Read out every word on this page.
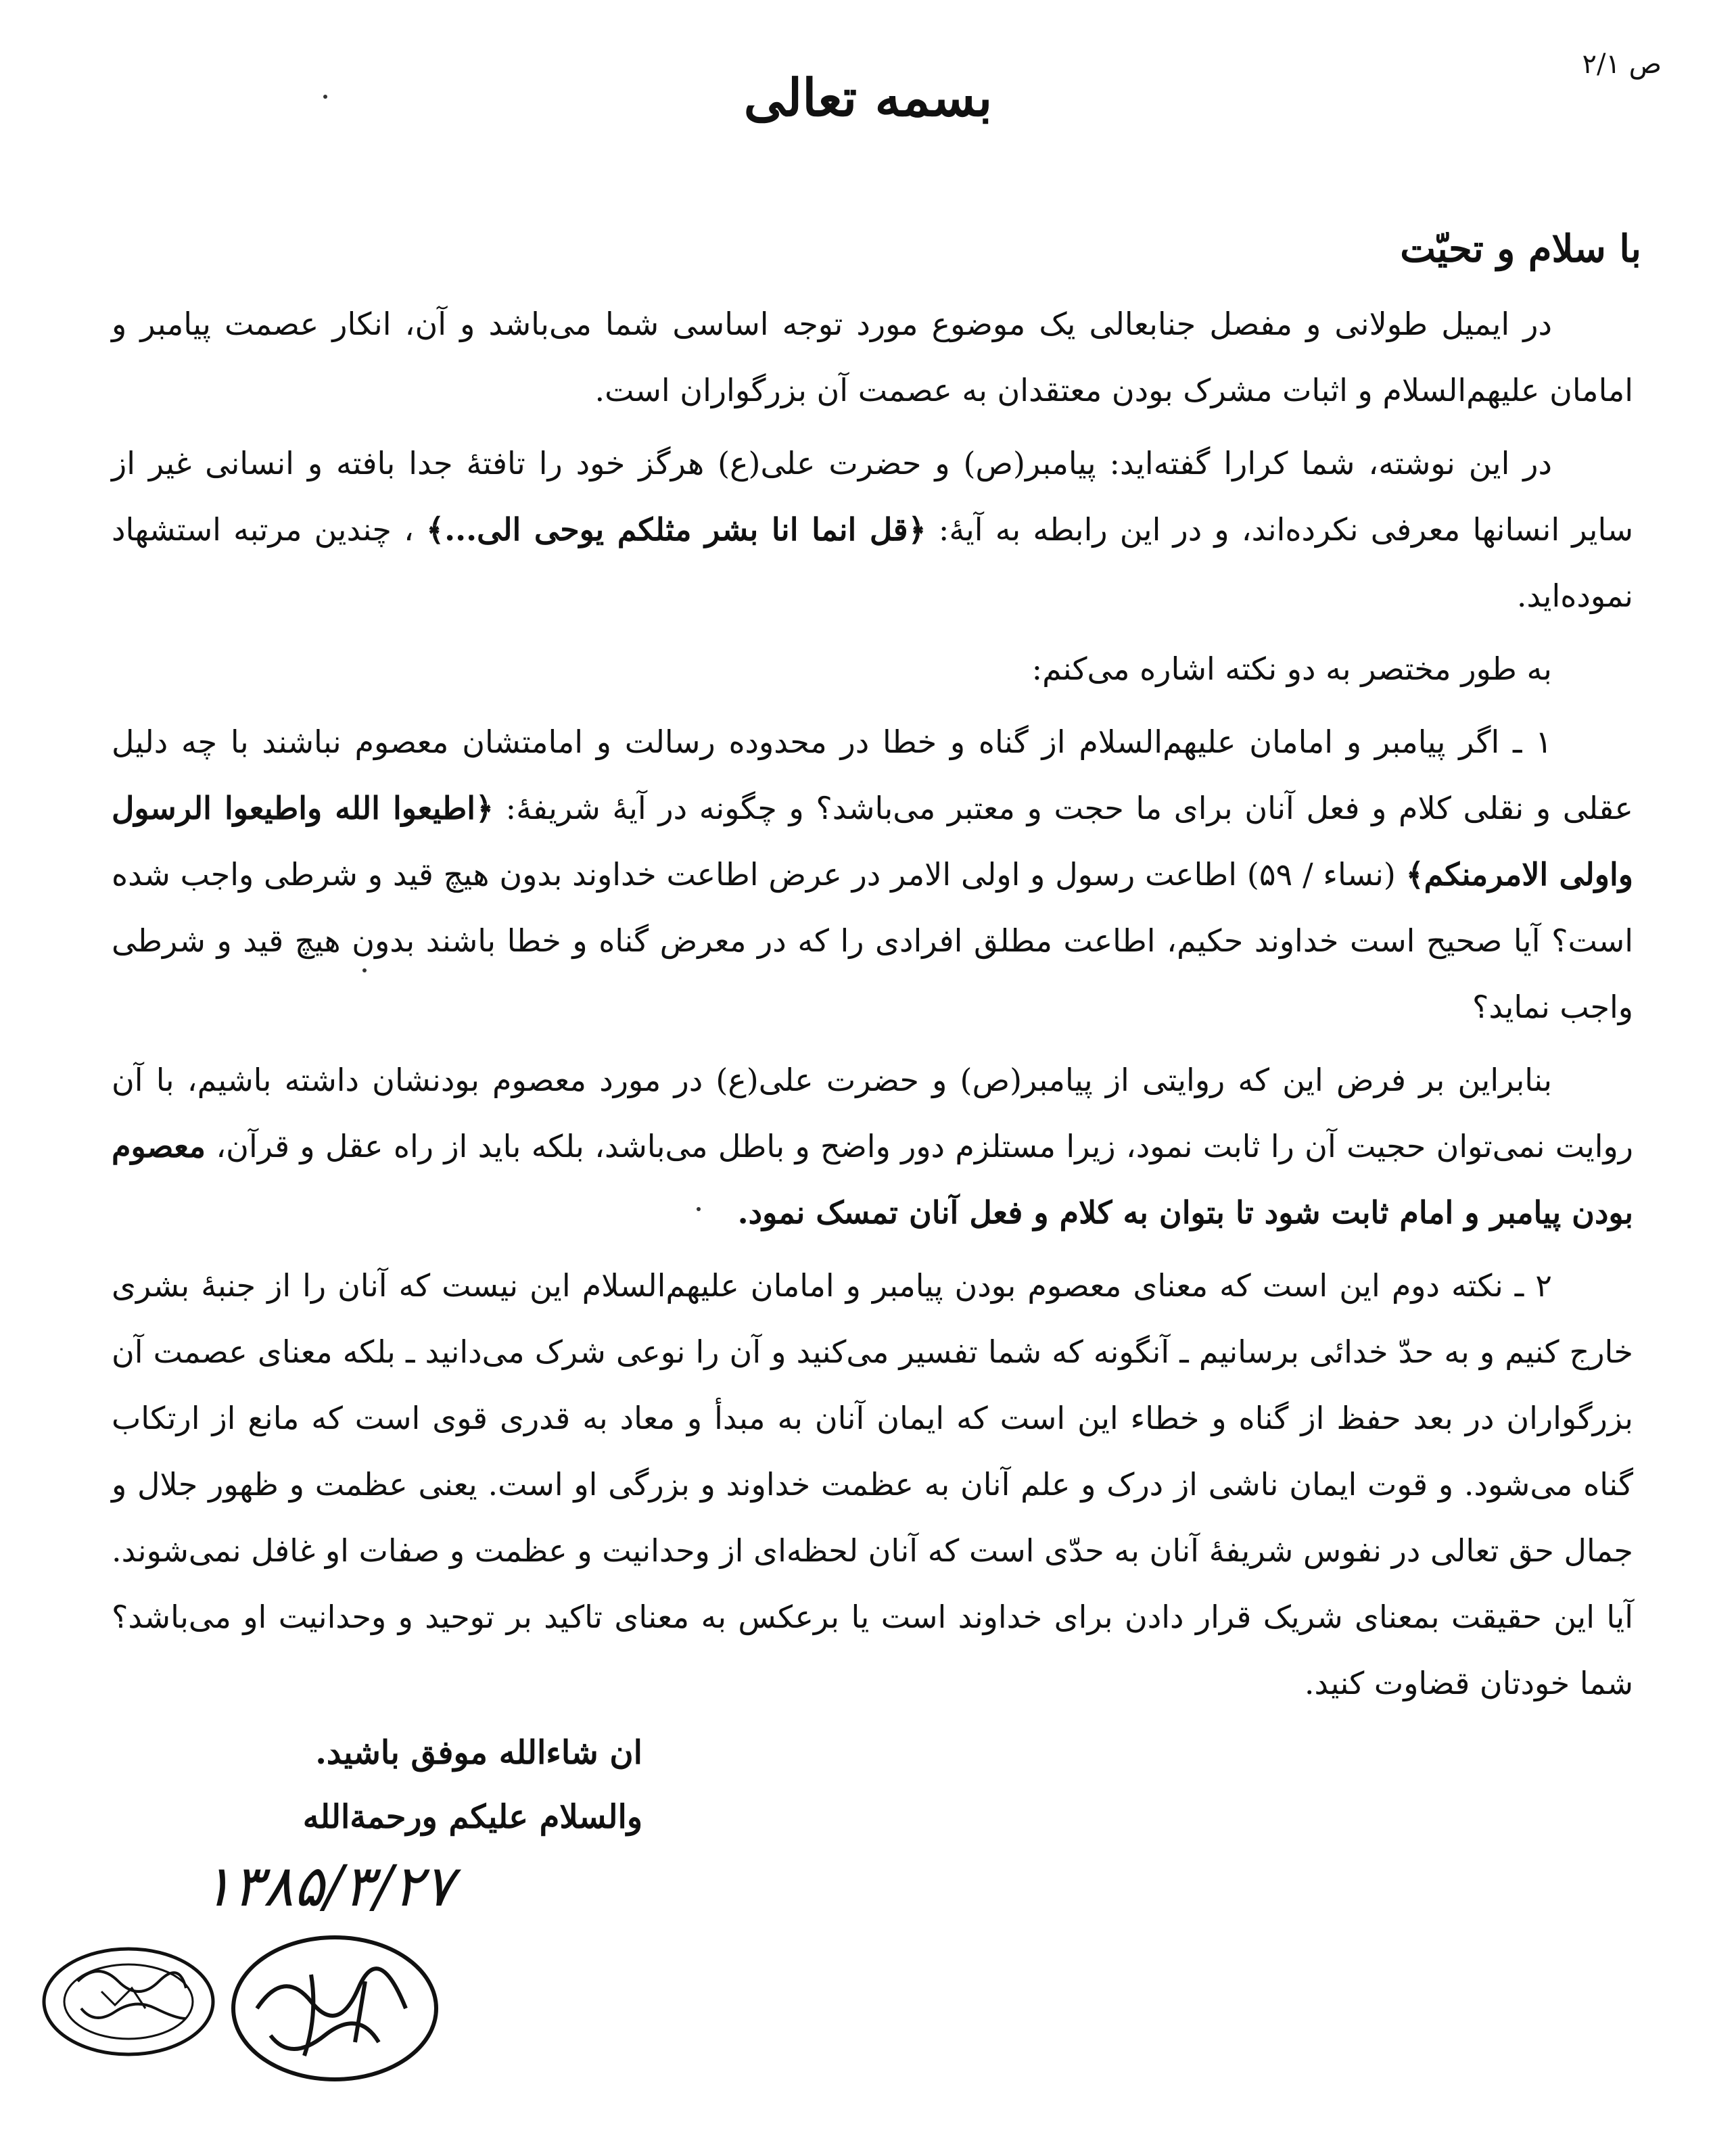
ص ۲/۱
بسمه تعالی
با سلام و تحیّت

در ایمیل طولانی و مفصل جنابعالی یک موضوع مورد توجه اساسی شما می‌باشد و آن، انکار عصمت پیامبر و امامان علیهم‌السلام و اثبات مشرک بودن معتقدان به عصمت آن بزرگواران است.

در این نوشته، شما کرارا گفته‌اید: پیامبر(ص) و حضرت علی(ع) هرگز خود را تافتهٔ جدا بافته و انسانی غیر از سایر انسانها معرفی نکرده‌اند، و در این رابطه به آیهٔ: ﴿قل انما انا بشر مثلکم یوحی الی...﴾ ، چندین مرتبه استشهاد نموده‌اید.

به طور مختصر به دو نکته اشاره می‌کنم:

۱ ـ اگر پیامبر و امامان علیهم‌السلام از گناه و خطا در محدوده رسالت و امامتشان معصوم نباشند با چه دلیل عقلی و نقلی کلام و فعل آنان برای ما حجت و معتبر می‌باشد؟ و چگونه در آیهٔ شریفهٔ: ﴿اطیعوا الله واطیعوا الرسول واولی الامرمنکم﴾ (نساء / ۵۹) اطاعت رسول و اولی الامر در عرض اطاعت خداوند بدون هیچ قید و شرطی واجب شده است؟ آیا صحیح است خداوند حکیم، اطاعت مطلق افرادی را که در معرض گناه و خطا باشند بدون هیچ قید و شرطی واجب نماید؟

بنابراین بر فرض این که روایتی از پیامبر(ص) و حضرت علی(ع) در مورد معصوم بودنشان داشته باشیم، با آن روایت نمی‌توان حجیت آن را ثابت نمود، زیرا مستلزم دور واضح و باطل می‌باشد، بلکه باید از راه عقل و قرآن، معصوم بودن پیامبر و امام ثابت شود تا بتوان به کلام و فعل آنان تمسک نمود.

۲ ـ نکته دوم این است که معنای معصوم بودن پیامبر و امامان علیهم‌السلام این نیست که آنان را از جنبهٔ بشری خارج کنیم و به حدّ خدائی برسانیم ـ آنگونه که شما تفسیر می‌کنید و آن را نوعی شرک می‌دانید ـ بلکه معنای عصمت آن بزرگواران در بعد حفظ از گناه و خطاء این است که ایمان آنان به مبدأ و معاد به قدری قوی است که مانع از ارتکاب گناه می‌شود. و قوت ایمان ناشی از درک و علم آنان به عظمت خداوند و بزرگی او است. یعنی عظمت و ظهور جلال و جمال حق تعالی در نفوس شریفهٔ آنان به حدّی است که آنان لحظه‌ای از وحدانیت و عظمت و صفات او غافل نمی‌شوند. آیا این حقیقت بمعنای شریک قرار دادن برای خداوند است یا برعکس به معنای تاکید بر توحید و وحدانیت او می‌باشد؟ شما خودتان قضاوت کنید.

ان شاءالله موفق باشید.
والسلام علیکم ورحمة‌الله
۱۳۸۵/۳/۲۷
